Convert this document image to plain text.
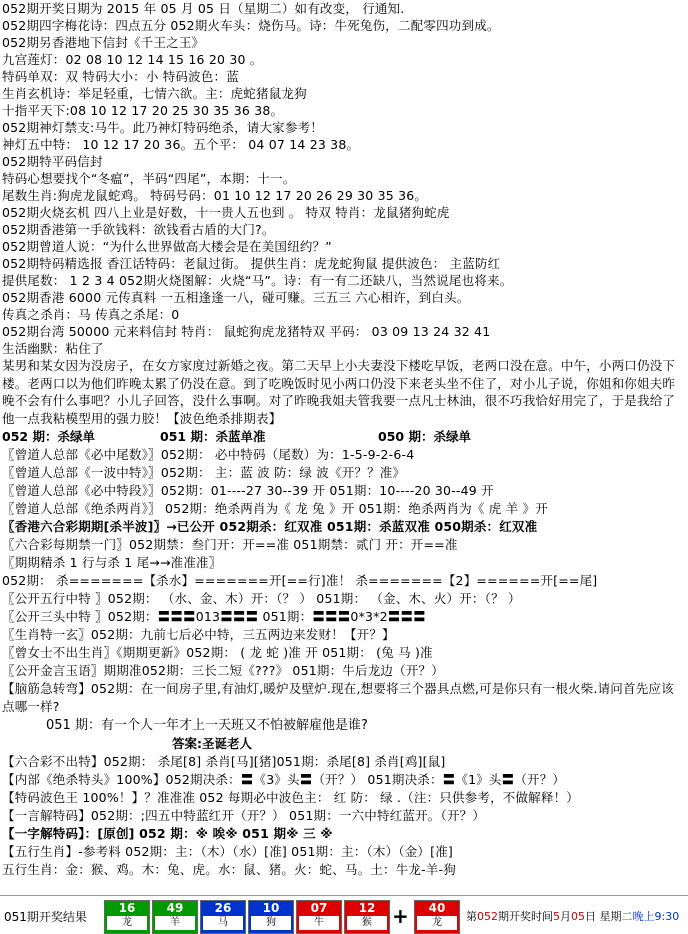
052期开奖日期为 2015 年 05 月 05 日（星期二）如有改变， 行通知.
052期四字梅花诗：四点五分 052期火车头：烧伤马。诗：牛死兔伤，二配零四功到成。
052期另香港地下信封《千王之王》
九宫莲灯：02 08 10 12 14 15 16 20 30 。
特码单双：双 特码大小：小 特码波色：蓝
生肖玄机诗：举足轻重，七情六欲。主：虎蛇猪鼠龙狗
十指平天下:08 10 12 17 20 25 30 35 36 38。
052期神灯禁支:马牛。此乃神灯特码绝杀，请大家参考！
神灯五中特： 10 12 17 20 36。五个平： 04 07 14 23 38。
052期特平码信封
特码心想要找个“冬瘟”，半码“四尾”，本期：十一。
尾数生肖:狗虎龙鼠蛇鸡。 特码号码：01 10 12 17 20 26 29 30 35 36。
052期火烧玄机 四八上业是好数，十一贵人五也到 。 特双 特肖：龙鼠猪狗蛇虎
052期香港第一手欲钱料：欲钱看古盾的大门?。
052期曾道人说：“为什么世界做高大楼会是在美国纽约？”
052期特码精选报 香江话特码：老鼠过街。 提供生肖：虎龙蛇狗鼠 提供波色： 主蓝防红
提供尾数： 1 2 3 4 052期火烧图解：火烧“马”。诗：有一有二还缺八，当然说尾也将来。
052期香港 6000 元传真料 一五相逢逢一八，碰可赚。三五三 六心相许，到白头。
传真之杀肖：马 传真之杀尾：0
052期台湾 50000 元来料信封 特肖： 鼠蛇狗虎龙猪特双 平码： 03 09 13 24 32 41
生活幽默：粘住了
某男和某女因为没房子，在女方家度过新婚之夜。第二天早上小夫妻没下楼吃早饭，老两口没在意。中午，小两口仍没下楼。老两口以为他们昨晚太累了仍没在意。到了吃晚饭时见小两口仍没下来老头坐不住了，对小儿子说，你姐和你姐夫昨晚不会有什么事吧？小儿子回答，没什么事啊。对了昨晚我姐夫管我要一点凡士林油，很不巧我恰好用完了，于是我给了他一点我粘模型用的强力胶！【波色绝杀排期表】
052 期：杀绿单	051 期：杀蓝单准	050 期：杀绿单
〖曾道人总部《必中尾数》〗052期： 必中特码（尾数）为：1-5-9-2-6-4
〖曾道人总部《一波中特》〗052期： 主：蓝 波 防：绿 波《开？？准》
〖曾道人总部《必中特段》〗052期：01----27 30--39 开 051期：10----20 30--49 开
〖曾道人总部《绝杀两肖》〗 052期：绝杀两肖为《 龙 兔 》开 051期：绝杀两肖为《 虎 羊 》开
〖香港六合彩期期[杀半波]〗→已公开 052期杀：红双准 051期：杀蓝双准 050期杀：红双准
〖六合彩每期禁一门〗052期禁：叁门开：开==准 051期禁：贰门 开：开==准
〖期期精杀 1 行与杀 1 尾→→准准准〗
052期： 杀=======【杀水】=======开[==行]准！ 杀=======【2】======开[==尾]
〖公开五行中特 〗052期： （水、金、木）开：（？ ） 051期： （金、木、火）开：（？ ）
〖公开三头中特 〗052期：〓〓〓013〓〓〓 051期：〓〓〓0*3*2〓〓〓
〖生肖特一玄〗052期：九前七后必中特，三五两边来发财！【开？】
〖曾女士不出生肖〗《期期更新》052期： ( 龙 蛇 )准 开 051期： (兔 马 )准
〖公开金言玉语〗期期准052期：三长二短《???》 051期：牛后龙边（开？）
【脑筋急转弯】052期：在一间房子里,有油灯,暖炉及壁炉.现在,想要将三个器具点燃,可是你只有一根火柴.请问首先应该点哪一样?
051 期：有一个人一年才上一天班又不怕被解雇他是谁?
答案:圣诞老人
【六合彩不出特】052期： 杀尾[8] 杀肖[马][猪]051期：杀尾[8] 杀肖[鸡][鼠]
【内部《绝杀特头》100%】052期决杀：〓《3》头〓（开？） 051期决杀：〓《1》头〓（开？）
【特码波色王 100%！】？准准准 052 每期必中波色主： 红 防： 绿 .（注：只供参考，不做解释！）
【一言解特码】052期：;四五中特蓝红开（开？） 051期：一六中特红蓝开。（开？）
【一字解特码】：[原创] 052 期：※ 唉※ 051 期※ 三 ※
【五行生肖】-参考料 052期：主：（木）（水）[准] 051期：主：（木）（金）[准]
五行生肖：金：猴、鸡。木：兔、虎。水：鼠、猪。火：蛇、马。土：牛龙-羊-狗
051期开奖结果
16
龙
49
羊
26
马
10
狗
07
牛
12
猴	+	40
龙	第052期开奖时间5月05日 星期二晚上9:30
